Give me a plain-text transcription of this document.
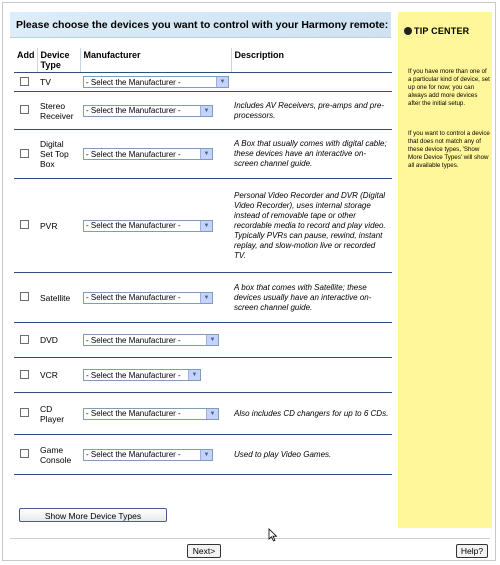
Please choose the devices you want to control with your Harmony remote:	TIP CENTER
If you have more than one of a particular kind of device, set up one for now; you can always add more devices after the initial setup.
If you want to control a device that does not match any of these device types, 'Show More Device Types' will show all available types.
Add	Device Type	Manufacturer	Description
	TV	- Select the Manufacturer - ▼	

	Stereo Receiver	- Select the Manufacturer - ▼	Includes AV Receivers, pre-amps and pre-processors.
	Digital Set Top Box	- Select the Manufacturer - ▼	A Box that usually comes with digital cable; these devices have an interactive on-screen channel guide.
	PVR	- Select the Manufacturer - ▼	Personal Video Recorder and DVR (Digital Video Recorder), uses internal storage instead of removable tape or other recordable media to record and play video. Typically PVRs can pause, rewind, instant replay, and slow-motion live or recorded TV.
	Satellite	- Select the Manufacturer - ▼	A box that comes with Satellite; these devices usually have an interactive on-screen channel guide.
	DVD	- Select the Manufacturer - ▼	

	VCR	- Select the Manufacturer - ▼	

	CD Player	- Select the Manufacturer - ▼	Also includes CD changers for up to 6 CDs.
	Game Console	- Select the Manufacturer - ▼	Used to play Video Games.
Show More Device Types
Next>	Help?
